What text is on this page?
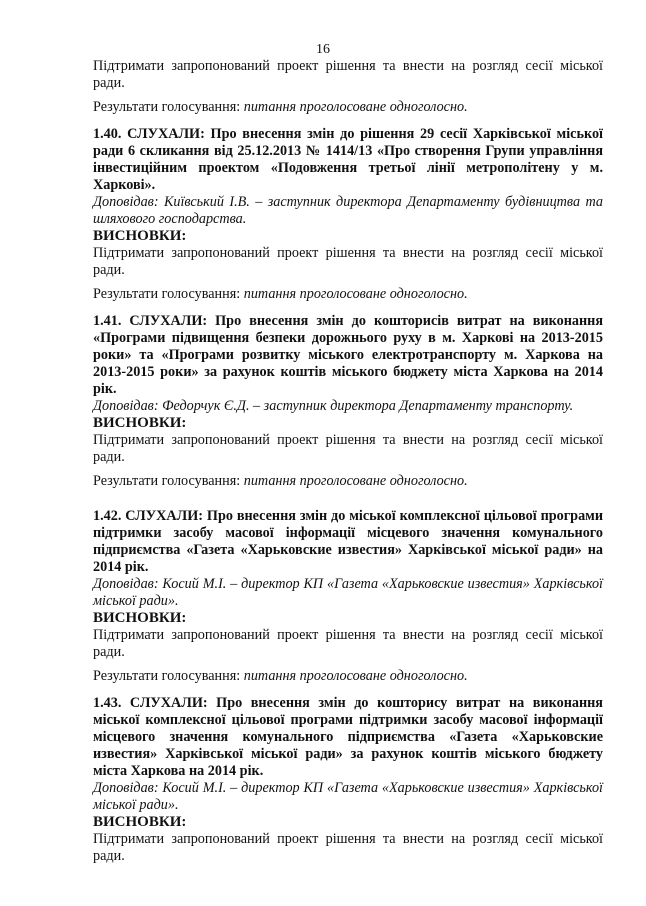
16

Підтримати запропонований проект рішення та внести на розгляд сесії міської ради.

Результати голосування: питання проголосоване одноголосно.

1.40. СЛУХАЛИ: Про внесення змін до рішення 29 сесії Харківської міської ради 6 скликання від 25.12.2013 № 1414/13 «Про створення Групи управління інвестиційним проектом «Подовження третьої лінії метрополітену у м. Харкові».

Доповідав: Київський І.В. – заступник директора Департаменту будівництва та шляхового господарства.

ВИСНОВКИ:

Підтримати запропонований проект рішення та внести на розгляд сесії міської ради.

Результати голосування: питання проголосоване одноголосно.

1.41. СЛУХАЛИ: Про внесення змін до кошторисів витрат на виконання «Програми підвищення безпеки дорожнього руху в м. Харкові на 2013-2015 роки» та «Програми розвитку міського електротранспорту м. Харкова на 2013-2015 роки» за рахунок коштів міського бюджету міста Харкова на 2014 рік.

Доповідав: Федорчук Є.Д. – заступник директора Департаменту транспорту.

ВИСНОВКИ:

Підтримати запропонований проект рішення та внести на розгляд сесії міської ради.

Результати голосування: питання проголосоване одноголосно.

1.42. СЛУХАЛИ: Про внесення змін до міської комплексної цільової програми підтримки засобу масової інформації місцевого значення комунального підприємства «Газета «Харьковские известия» Харківської міської ради» на 2014 рік.

Доповідав: Косий М.І. – директор КП «Газета «Харьковские известия» Харківської міської ради».

ВИСНОВКИ:

Підтримати запропонований проект рішення та внести на розгляд сесії міської ради.

Результати голосування: питання проголосоване одноголосно.

1.43. СЛУХАЛИ: Про внесення змін до кошторису витрат на виконання міської комплексної цільової програми підтримки засобу масової інформації місцевого значення комунального підприємства «Газета «Харьковские известия» Харківської міської ради» за рахунок коштів міського бюджету міста Харкова на 2014 рік.

Доповідав: Косий М.І. – директор КП «Газета «Харьковские известия» Харківської міської ради».

ВИСНОВКИ:

Підтримати запропонований проект рішення та внести на розгляд сесії міської ради.
